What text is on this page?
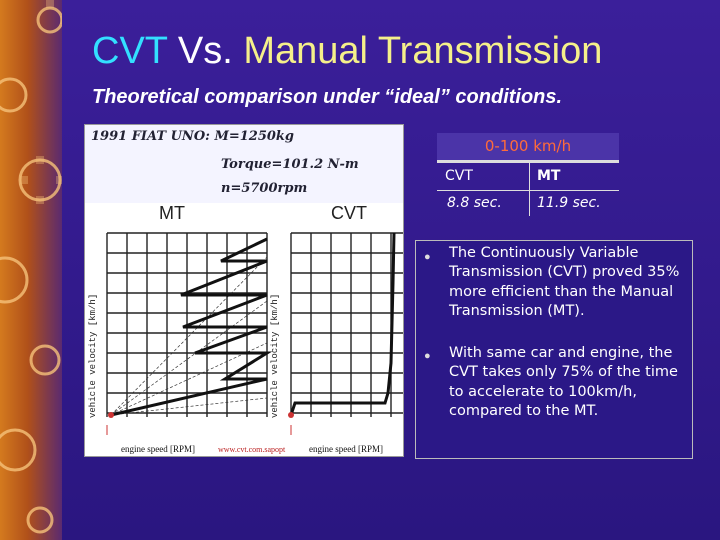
CVT Vs. Manual Transmission
Theoretical comparison under “ideal” conditions.
1991 FIAT UNO: M=1250kg
Torque=101.2 N-m
n=5700rpm
MT
vehicle velocity [km/h]
engine speed [RPM]	www.cvt.com.sapopt
CVT
vehicle velocity [km/h]
engine speed [RPM]
0-100 km/h
CVT	MT
8.8 sec.	11.9 sec.
● The Continuously Variable Transmission (CVT) proved 35% more efficient than the Manual Transmission (MT).
● With same car and engine, the CVT takes only 75% of the time to accelerate to 100km/h, compared to the MT.
